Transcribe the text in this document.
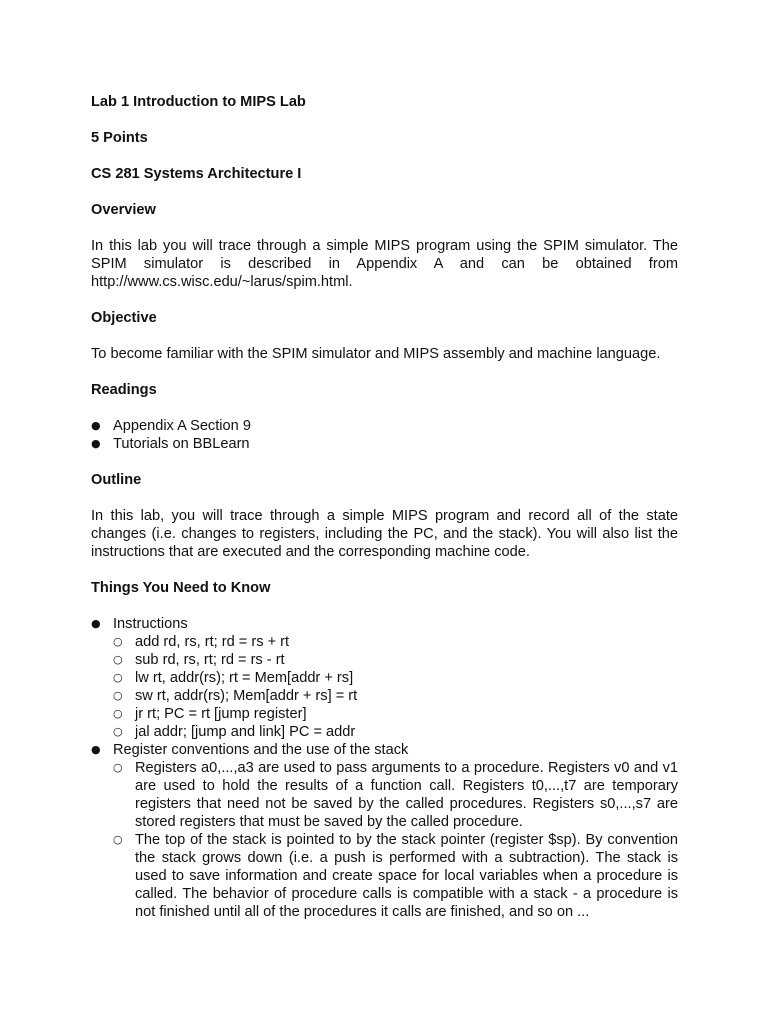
Lab 1 Introduction to MIPS Lab

5 Points

CS 281 Systems Architecture I

Overview

In this lab you will trace through a simple MIPS program using the SPIM simulator. The SPIM simulator is described in Appendix A and can be obtained from http://www.cs.wisc.edu/~larus/spim.html.

Objective

To become familiar with the SPIM simulator and MIPS assembly and machine language.

Readings

● Appendix A Section 9
● Tutorials on BBLearn

Outline

In this lab, you will trace through a simple MIPS program and record all of the state changes (i.e. changes to registers, including the PC, and the stack). You will also list the instructions that are executed and the corresponding machine code.

Things You Need to Know

● Instructions
○ add rd, rs, rt; rd = rs + rt
○ sub rd, rs, rt; rd = rs - rt
○ lw rt, addr(rs); rt = Mem[addr + rs]
○ sw rt, addr(rs); Mem[addr + rs] = rt
○ jr rt; PC = rt [jump register]
○ jal addr; [jump and link] PC = addr
● Register conventions and the use of the stack
○ Registers a0,...,a3 are used to pass arguments to a procedure. Registers v0 and v1 are used to hold the results of a function call. Registers t0,...,t7 are temporary registers that need not be saved by the called procedures. Registers s0,...,s7 are stored registers that must be saved by the called procedure.
○ The top of the stack is pointed to by the stack pointer (register $sp). By convention the stack grows down (i.e. a push is performed with a subtraction). The stack is used to save information and create space for local variables when a procedure is called. The behavior of procedure calls is compatible with a stack - a procedure is not finished until all of the procedures it calls are finished, and so on ...
